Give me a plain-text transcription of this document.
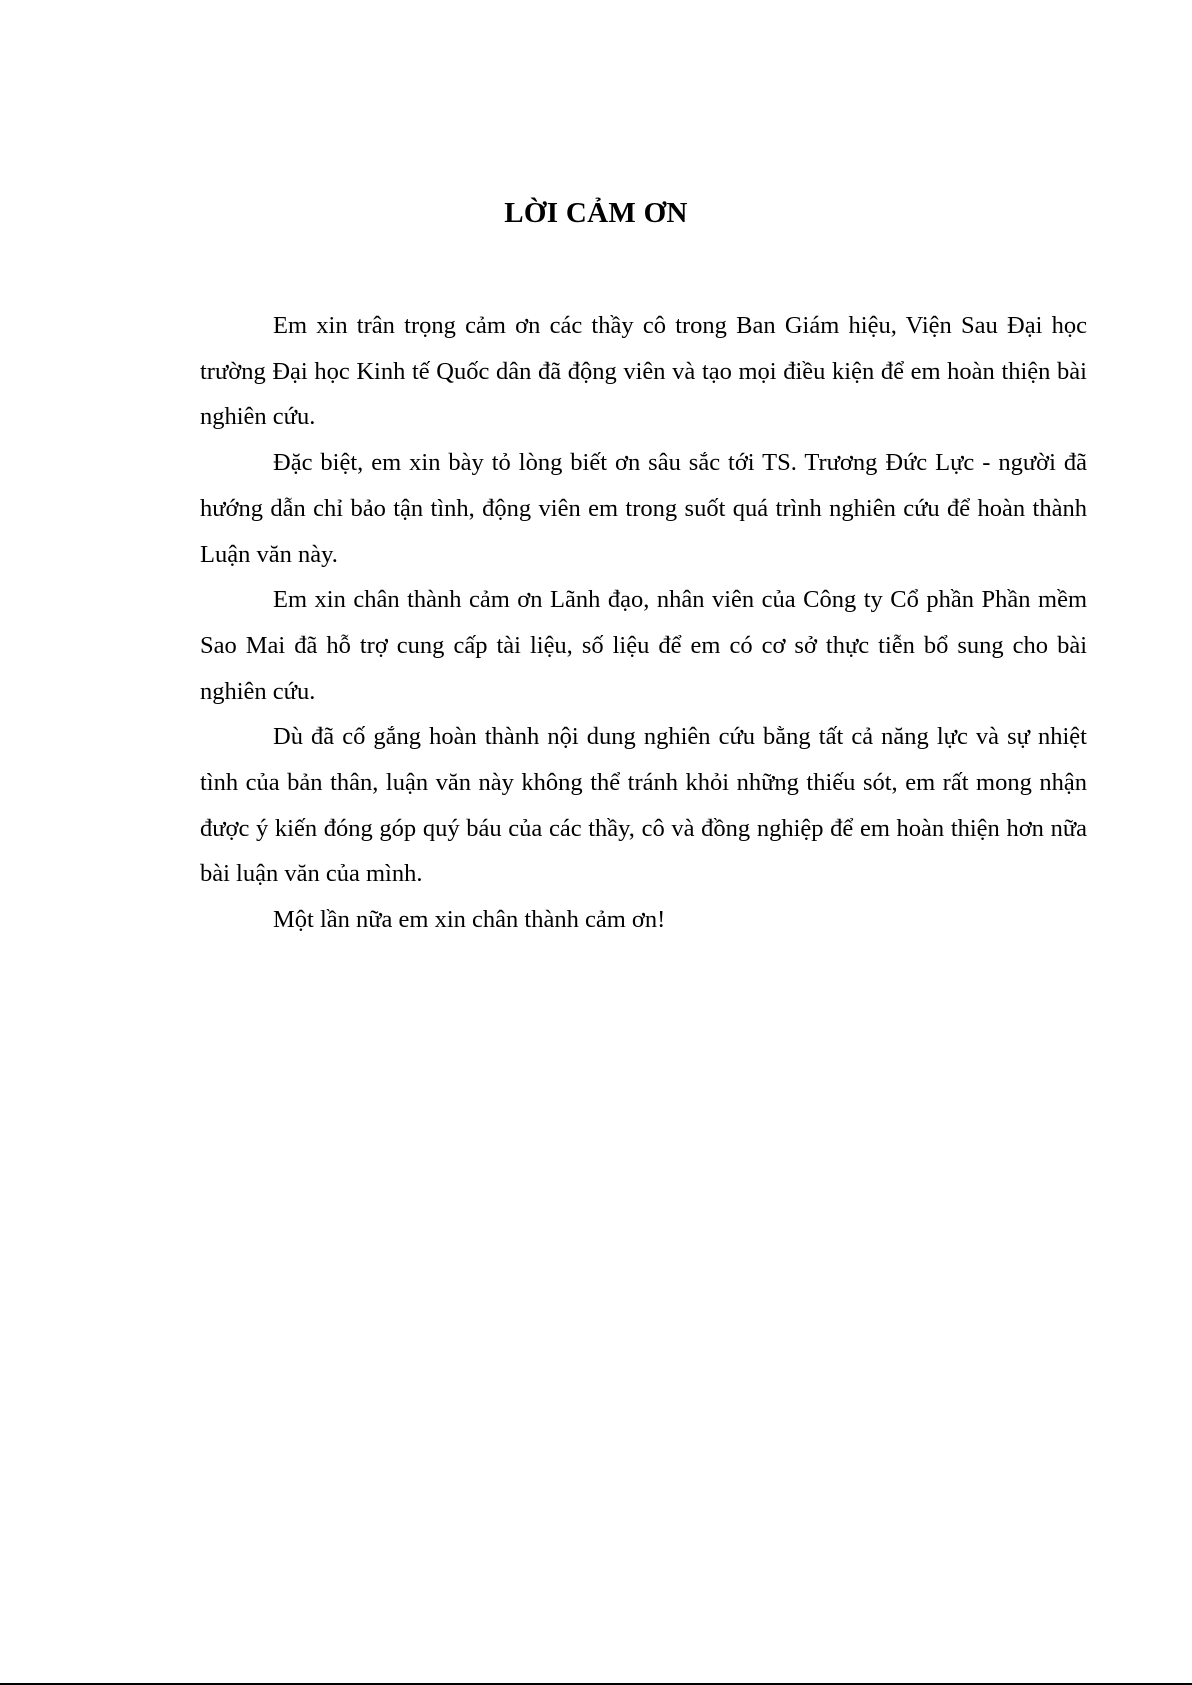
LỜI CẢM ƠN

Em xin trân trọng cảm ơn các thầy cô trong Ban Giám hiệu, Viện Sau Đại học trường Đại học Kinh tế Quốc dân đã động viên và tạo mọi điều kiện để em hoàn thiện bài nghiên cứu.

Đặc biệt, em xin bày tỏ lòng biết ơn sâu sắc tới TS. Trương Đức Lực - người đã hướng dẫn chỉ bảo tận tình, động viên em trong suốt quá trình nghiên cứu để hoàn thành Luận văn này.

Em xin chân thành cảm ơn Lãnh đạo, nhân viên của Công ty Cổ phần Phần mềm Sao Mai đã hỗ trợ cung cấp tài liệu, số liệu để em có cơ sở thực tiễn bổ sung cho bài nghiên cứu.

Dù đã cố gắng hoàn thành nội dung nghiên cứu bằng tất cả năng lực và sự nhiệt tình của bản thân, luận văn này không thể tránh khỏi những thiếu sót, em rất mong nhận được ý kiến đóng góp quý báu của các thầy, cô và đồng nghiệp để em hoàn thiện hơn nữa bài luận văn của mình.

Một lần nữa em xin chân thành cảm ơn!
